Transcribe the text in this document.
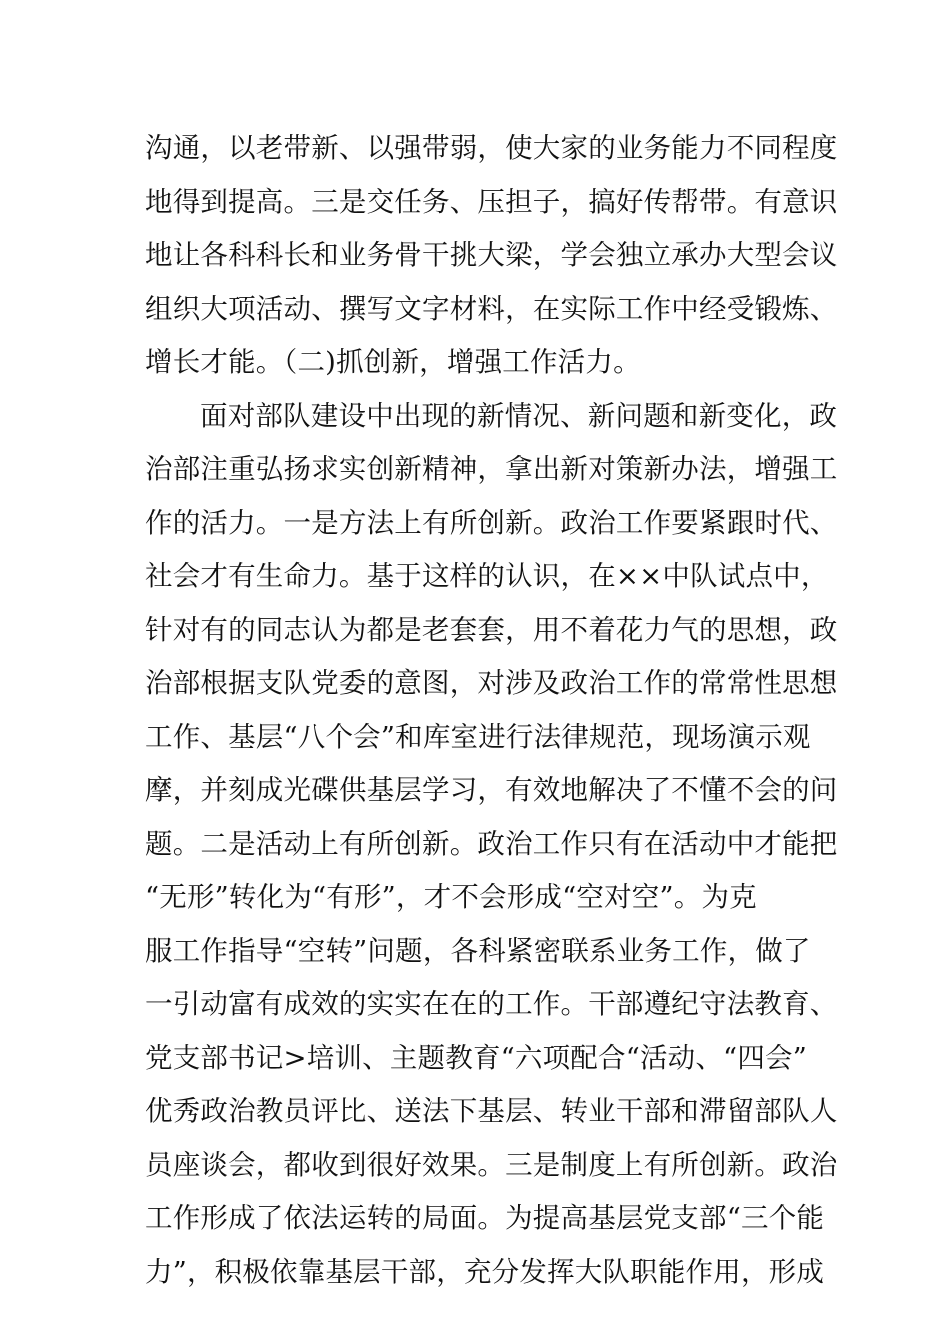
沟通，以老带新、以强带弱，使大家的业务能力不同程度
地得到提高。三是交任务、压担子，搞好传帮带。有意识
地让各科科长和业务骨干挑大梁，学会独立承办大型会议
组织大项活动、撰写文字材料，在实际工作中经受锻炼、
增长才能。（二)抓创新，增强工作活力。
面对部队建设中出现的新情况、新问题和新变化，政
治部注重弘扬求实创新精神，拿出新对策新办法，增强工
作的活力。一是方法上有所创新。政治工作要紧跟时代、
社会才有生命力。基于这样的认识，在××中队试点中，
针对有的同志认为都是老套套，用不着花力气的思想，政
治部根据支队党委的意图，对涉及政治工作的常常性思想
工作、基层“八个会”和库室进行法律规范，现场演示观
摩，并刻成光碟供基层学习，有效地解决了不懂不会的问
题。二是活动上有所创新。政治工作只有在活动中才能把
“无形”转化为“有形”，才不会形成“空对空”。为克
服工作指导“空转”问题，各科紧密联系业务工作，做了
一引动富有成效的实实在在的工作。干部遵纪守法教育、
党支部书记>培训、主题教育“六项配合“活动、“四会”
优秀政治教员评比、送法下基层、转业干部和滞留部队人
员座谈会，都收到很好效果。三是制度上有所创新。政治
工作形成了依法运转的局面。为提高基层党支部“三个能
力”，积极依靠基层干部，充分发挥大队职能作用，形成
